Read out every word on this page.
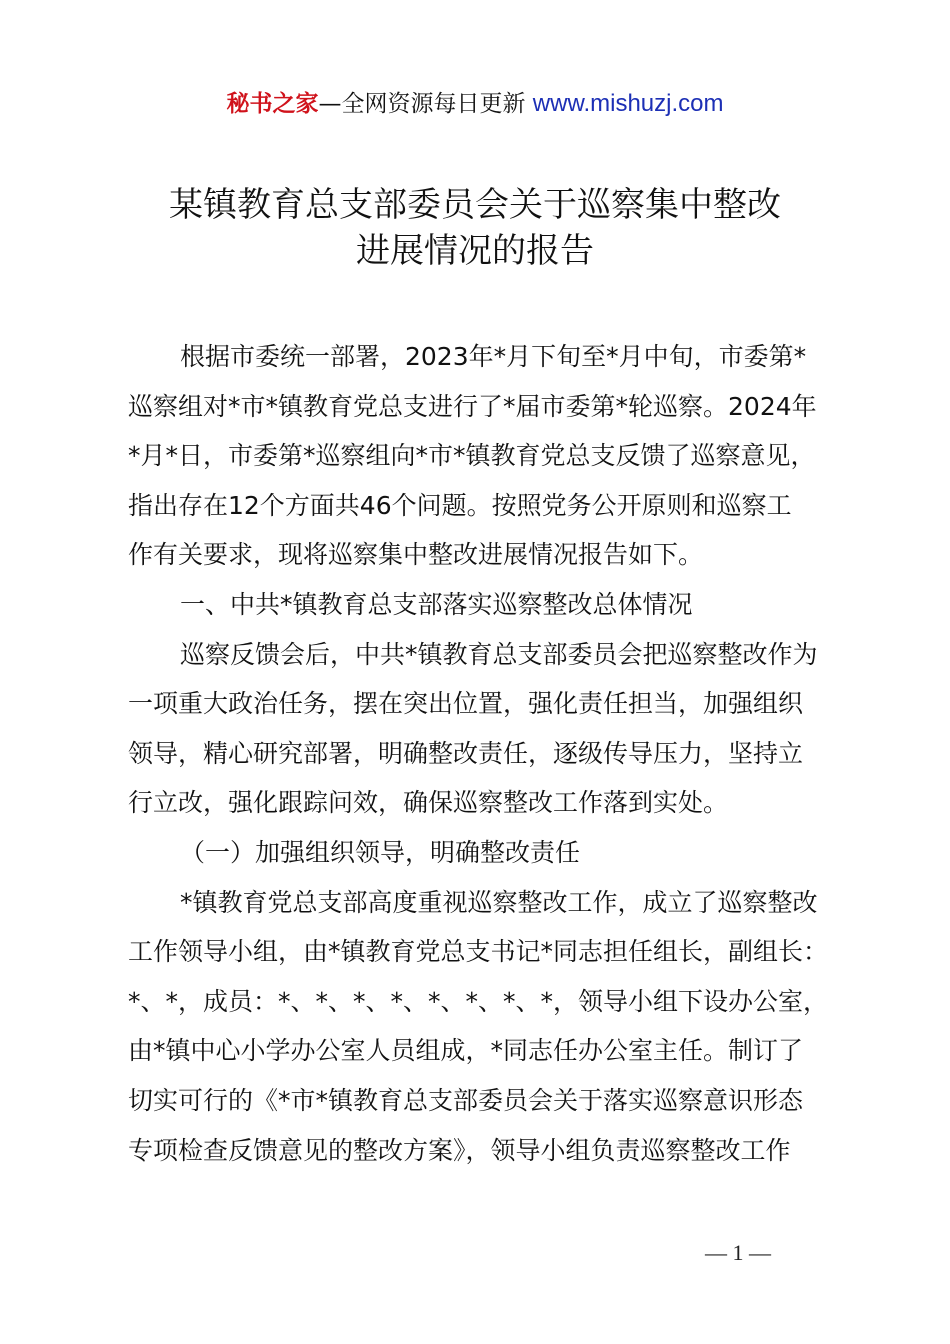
秘书之家—全网资源每日更新 www.mishuzj.com
某镇教育总支部委员会关于巡察集中整改
进展情况的报告
根据市委统一部署，2023年*月下旬至*月中旬，市委第*
巡察组对*市*镇教育党总支进行了*届市委第*轮巡察。2024年
*月*日，市委第*巡察组向*市*镇教育党总支反馈了巡察意见，
指出存在12个方面共46个问题。按照党务公开原则和巡察工
作有关要求，现将巡察集中整改进展情况报告如下。
一、中共*镇教育总支部落实巡察整改总体情况
巡察反馈会后，中共*镇教育总支部委员会把巡察整改作为
一项重大政治任务，摆在突出位置，强化责任担当，加强组织
领导，精心研究部署，明确整改责任，逐级传导压力，坚持立
行立改，强化跟踪问效，确保巡察整改工作落到实处。
（一）加强组织领导，明确整改责任
*镇教育党总支部高度重视巡察整改工作，成立了巡察整改
工作领导小组，由*镇教育党总支书记*同志担任组长，副组长：
*、*，成员：*、*、*、*、*、*、*、*，领导小组下设办公室，
由*镇中心小学办公室人员组成，*同志任办公室主任。制订了
切实可行的《*市*镇教育总支部委员会关于落实巡察意识形态
专项检查反馈意见的整改方案》，领导小组负责巡察整改工作
— 1 —
